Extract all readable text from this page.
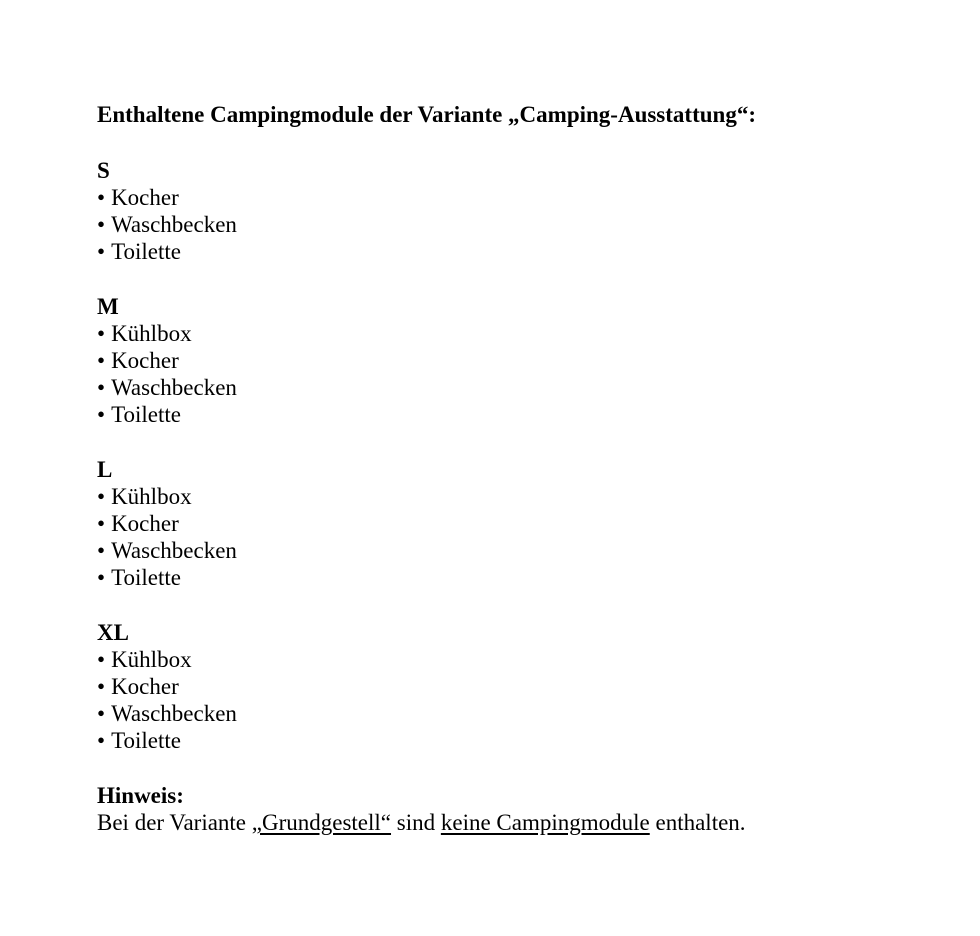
Enthaltene Campingmodule der Variante „Camping-Ausstattung“:

S

• Kocher
• Waschbecken
• Toilette

M

• Kühlbox
• Kocher
• Waschbecken
• Toilette

L

• Kühlbox
• Kocher
• Waschbecken
• Toilette

XL

• Kühlbox
• Kocher
• Waschbecken
• Toilette

Hinweis:

Bei der Variante „Grundgestell“ sind keine Campingmodule enthalten.
